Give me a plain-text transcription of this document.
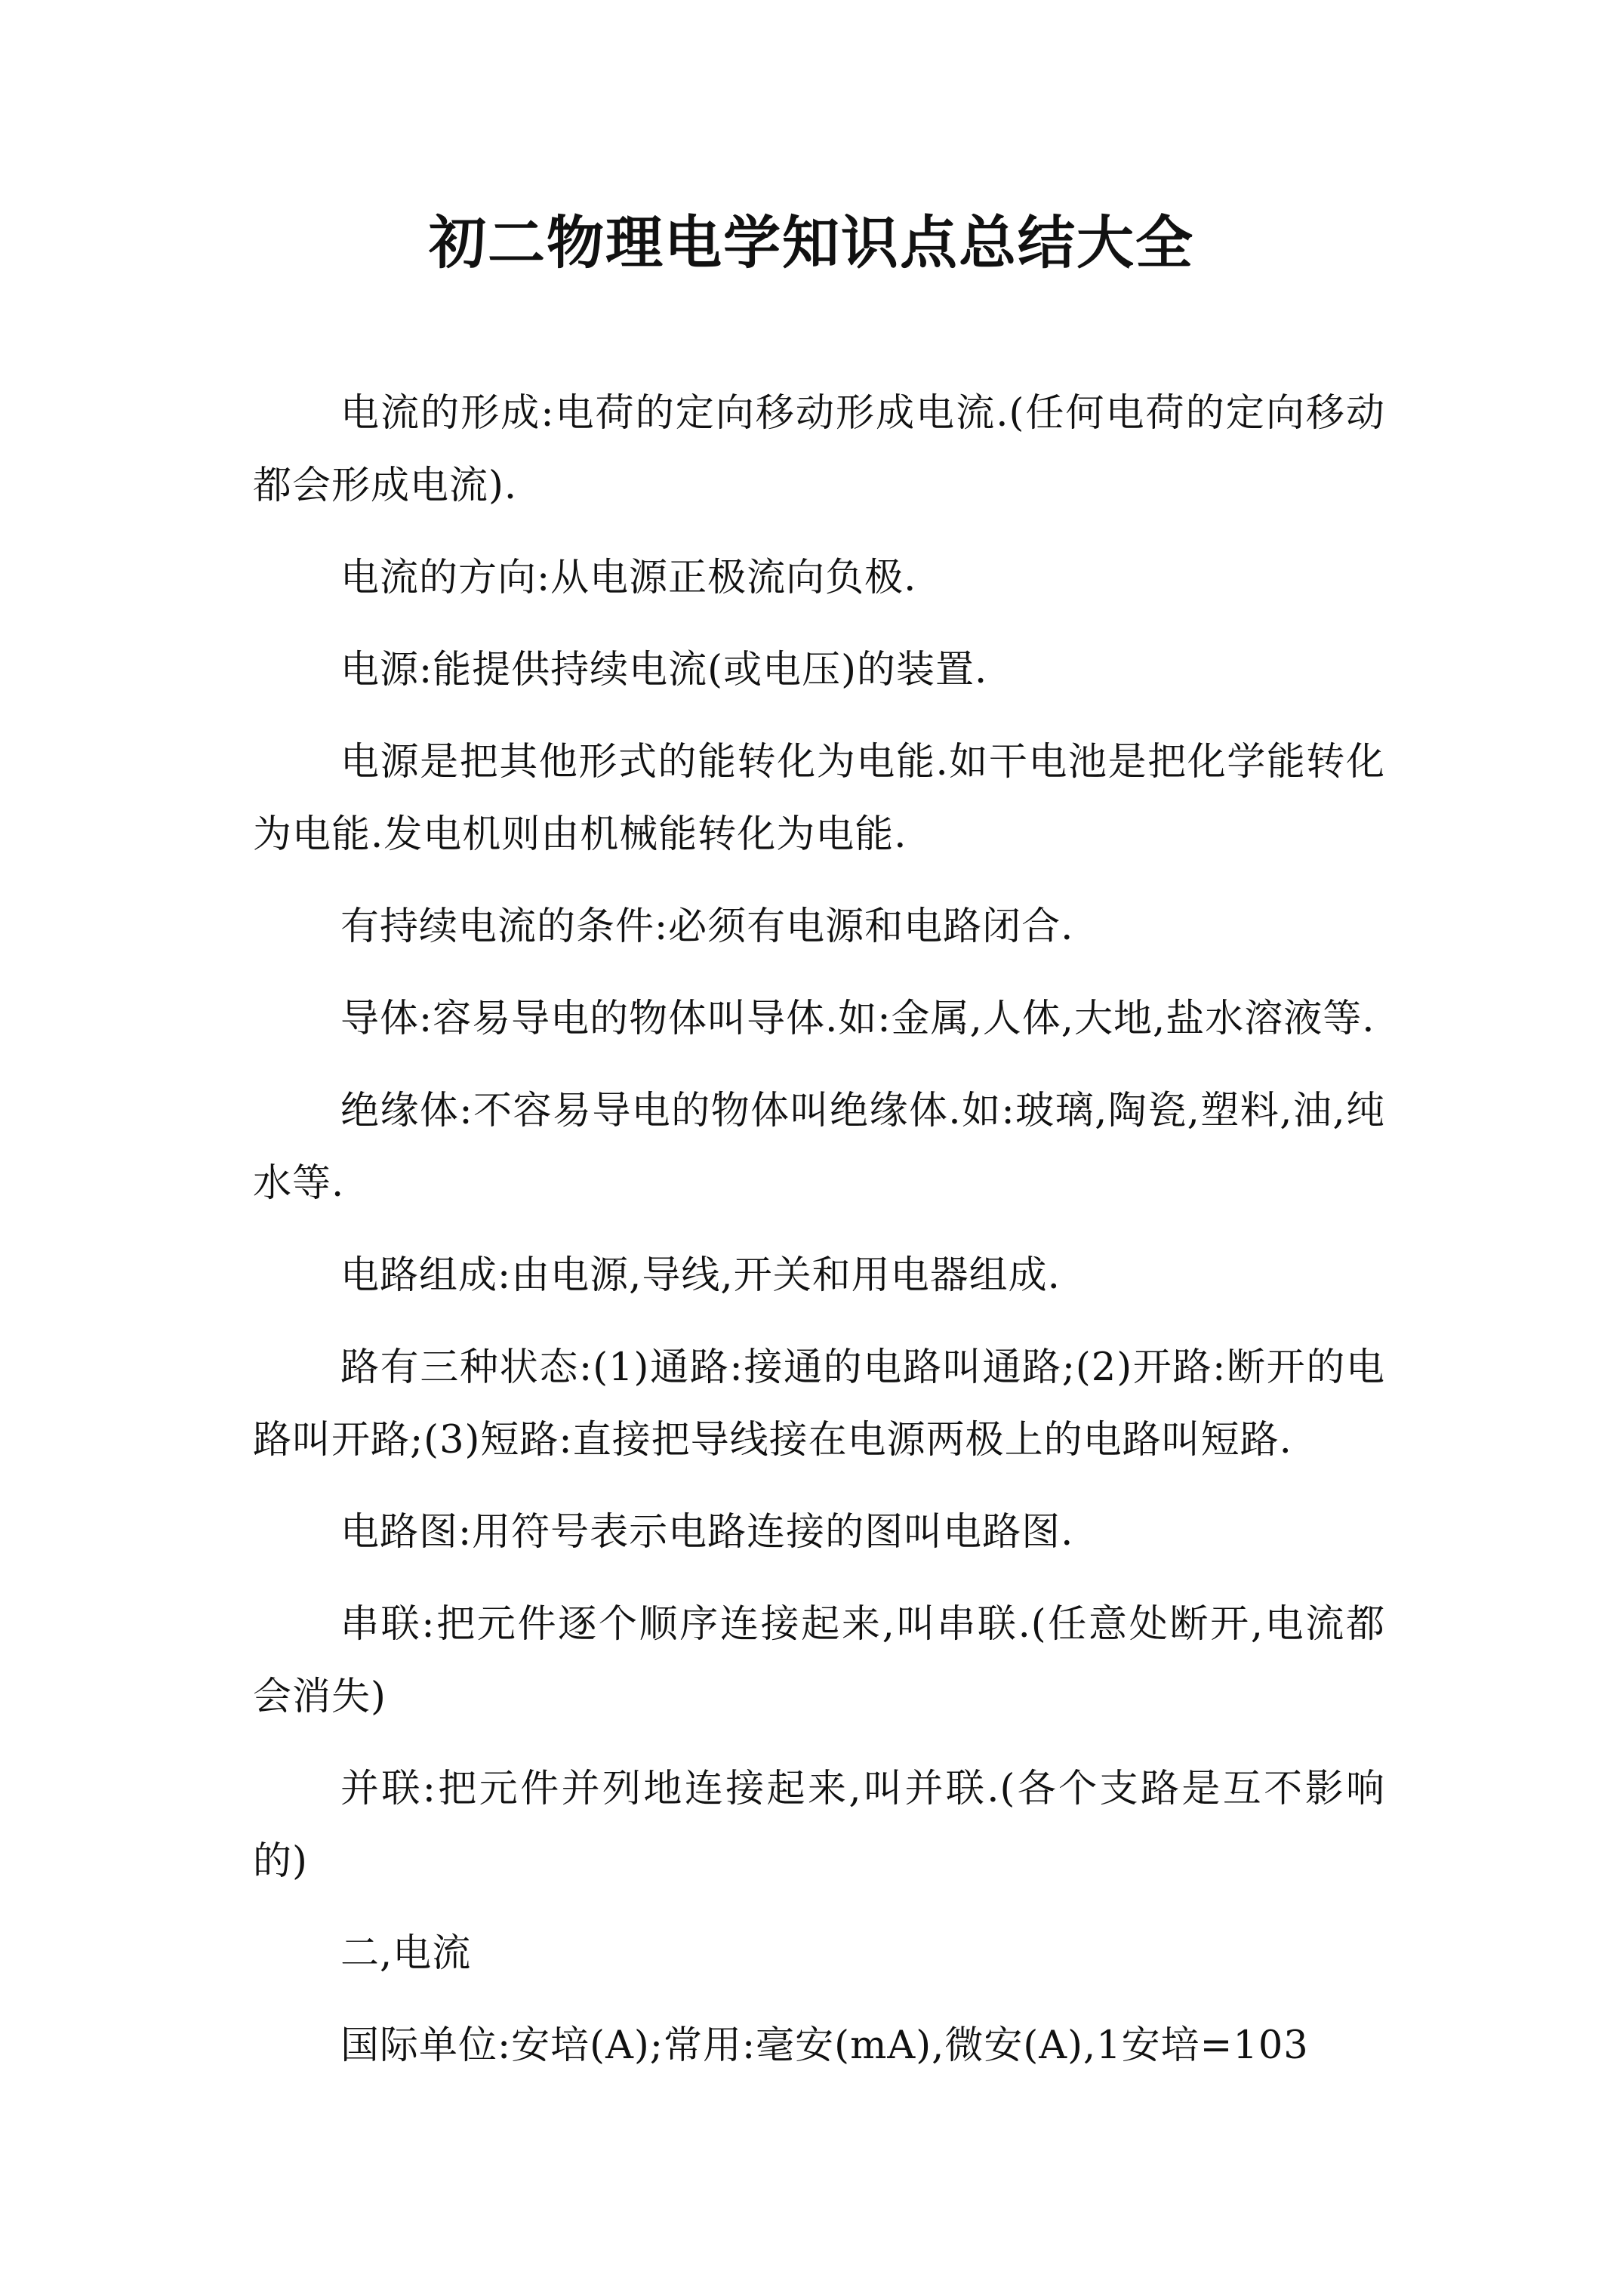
初二物理电学知识点总结大全

电流的形成:电荷的定向移动形成电流.(任何电荷的定向移动都会形成电流).

电流的方向:从电源正极流向负极.

电源:能提供持续电流(或电压)的装置.

电源是把其他形式的能转化为电能.如干电池是把化学能转化为电能.发电机则由机械能转化为电能.

有持续电流的条件:必须有电源和电路闭合.

导体:容易导电的物体叫导体.如:金属,人体,大地,盐水溶液等.

绝缘体:不容易导电的物体叫绝缘体.如:玻璃,陶瓷,塑料,油,纯水等.

电路组成:由电源,导线,开关和用电器组成.

路有三种状态:(1)通路:接通的电路叫通路;(2)开路:断开的电路叫开路;(3)短路:直接把导线接在电源两极上的电路叫短路.

电路图:用符号表示电路连接的图叫电路图.

串联:把元件逐个顺序连接起来,叫串联.(任意处断开,电流都会消失)

并联:把元件并列地连接起来,叫并联.(各个支路是互不影响的)

二,电流

国际单位:安培(A);常用:毫安(mA),微安(A),1安培=103
